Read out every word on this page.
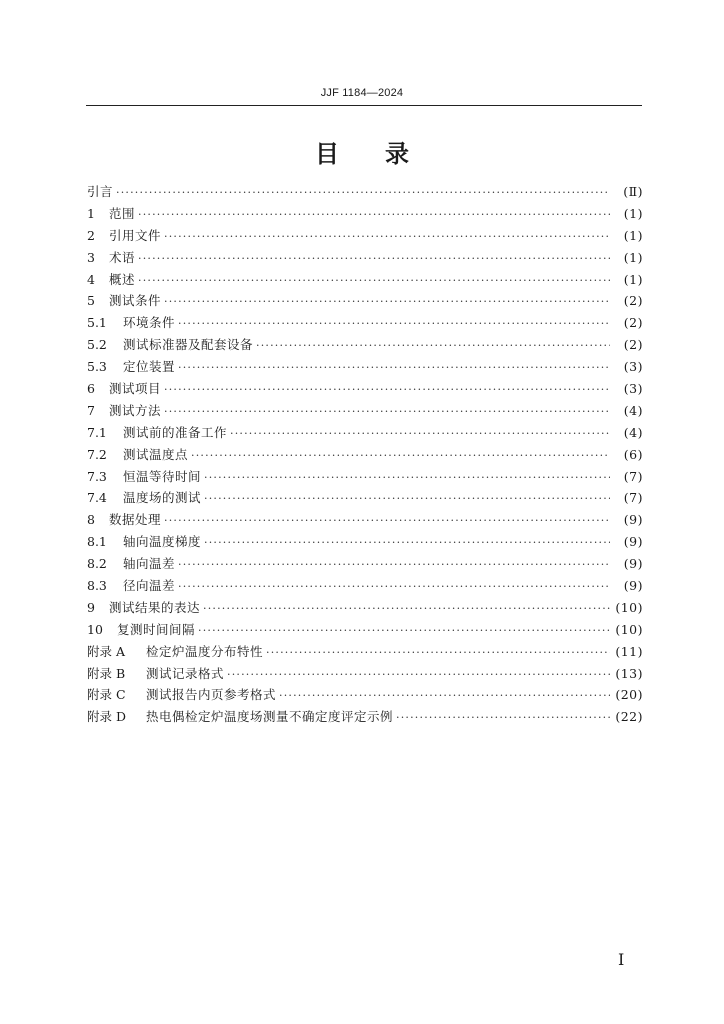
JJF 1184—2024
目 录
引言 ·····	(Ⅱ)
1	范围 ·····	(1)
2	引用文件 ·····	(1)
3	术语 ·····	(1)
4	概述 ·····	(1)
5	测试条件 ·····	(2)
5.1	环境条件 ·····	(2)
5.2	测试标准器及配套设备 ·····	(2)
5.3	定位装置 ·····	(3)
6	测试项目 ·····	(3)
7	测试方法 ·····	(4)
7.1	测试前的准备工作 ·····	(4)
7.2	测试温度点 ·····	(6)
7.3	恒温等待时间 ·····	(7)
7.4	温度场的测试 ·····	(7)
8	数据处理 ·····	(9)
8.1	轴向温度梯度 ·····	(9)
8.2	轴向温差 ·····	(9)
8.3	径向温差 ·····	(9)
9	测试结果的表达 ·····	(10)
10	复测时间间隔 ·····	(10)
附录 A	检定炉温度分布特性 ·····	(11)
附录 B	测试记录格式 ·····	(13)
附录 C	测试报告内页参考格式 ·····	(20)
附录 D	热电偶检定炉温度场测量不确定度评定示例 ·····	(22)
I
